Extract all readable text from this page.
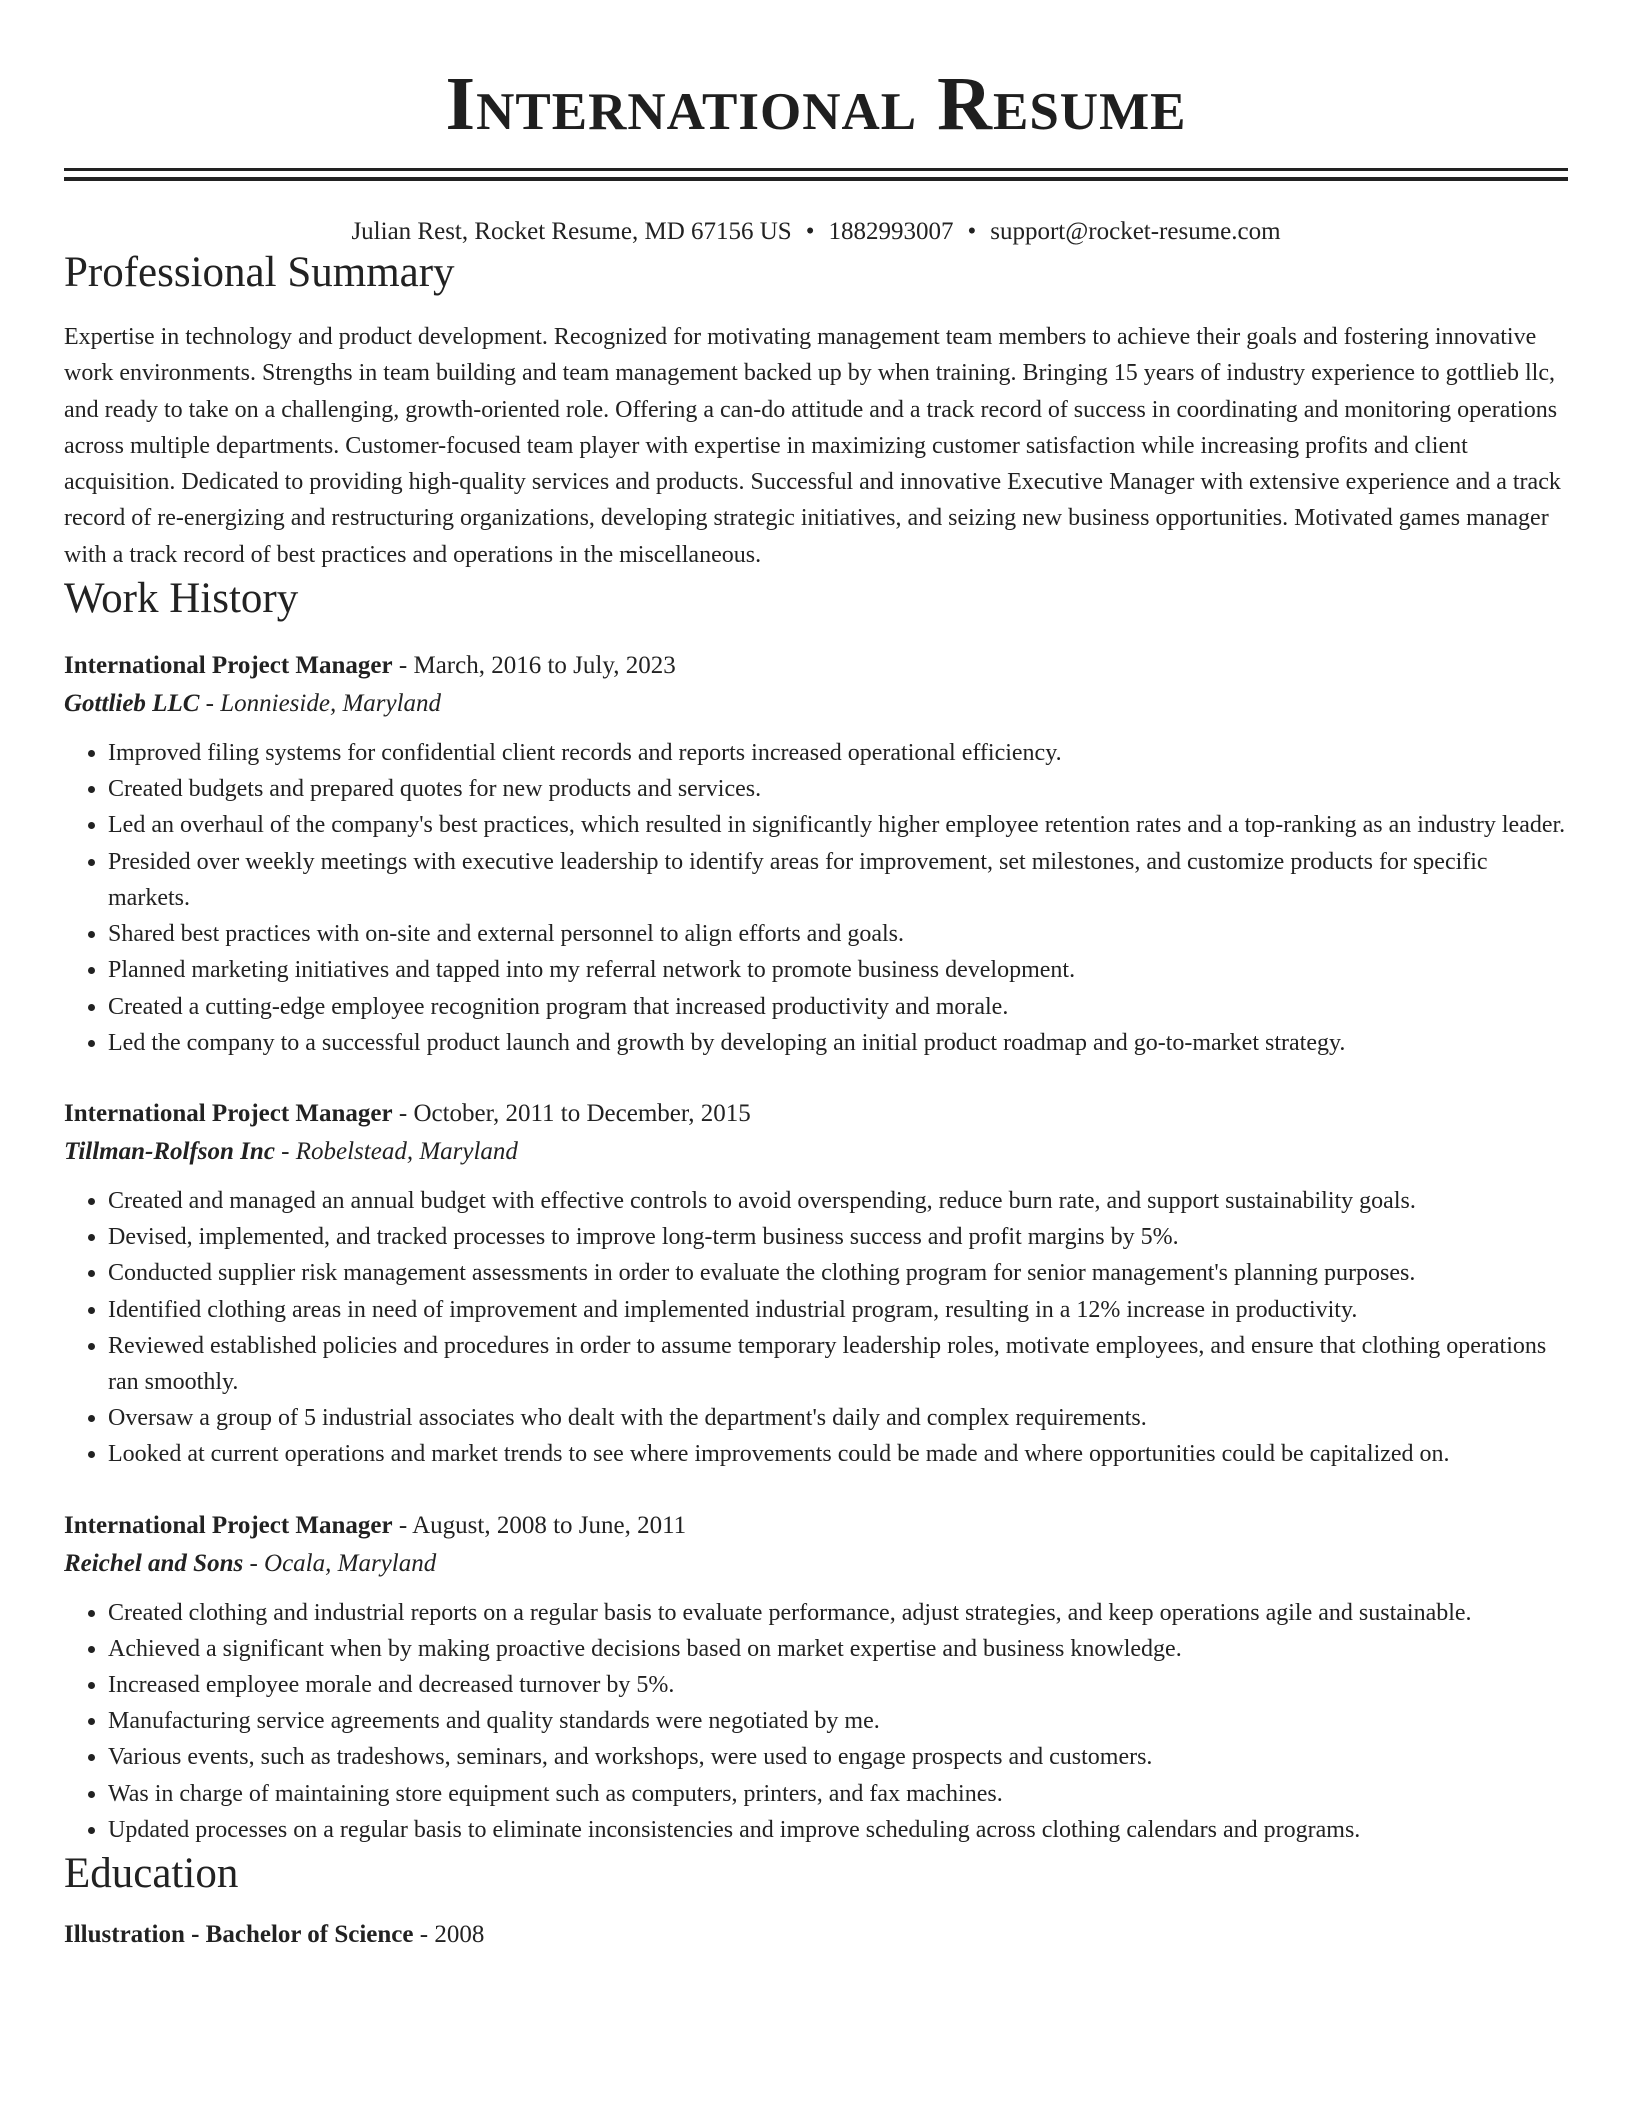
International Resume
Julian Rest, Rocket Resume, MD 67156 US • 1882993007 • support@rocket-resume.com
Professional Summary

Expertise in technology and product development. Recognized for motivating management team members to achieve their goals and fostering innovative work environments. Strengths in team building and team management backed up by when training. Bringing 15 years of industry experience to gottlieb llc, and ready to take on a challenging, growth-oriented role. Offering a can-do attitude and a track record of success in coordinating and monitoring operations across multiple departments. Customer-focused team player with expertise in maximizing customer satisfaction while increasing profits and client acquisition. Dedicated to providing high-quality services and products. Successful and innovative Executive Manager with extensive experience and a track record of re-energizing and restructuring organizations, developing strategic initiatives, and seizing new business opportunities. Motivated games manager with a track record of best practices and operations in the miscellaneous.

Work History
International Project Manager - March, 2016 to July, 2023
Gottlieb LLC - Lonnieside, Maryland
• Improved filing systems for confidential client records and reports increased operational efficiency.
• Created budgets and prepared quotes for new products and services.
• Led an overhaul of the company's best practices, which resulted in significantly higher employee retention rates and a top-ranking as an industry leader.
• Presided over weekly meetings with executive leadership to identify areas for improvement, set milestones, and customize products for specific markets.
• Shared best practices with on-site and external personnel to align efforts and goals.
• Planned marketing initiatives and tapped into my referral network to promote business development.
• Created a cutting-edge employee recognition program that increased productivity and morale.
• Led the company to a successful product launch and growth by developing an initial product roadmap and go-to-market strategy.
International Project Manager - October, 2011 to December, 2015
Tillman-Rolfson Inc - Robelstead, Maryland
• Created and managed an annual budget with effective controls to avoid overspending, reduce burn rate, and support sustainability goals.
• Devised, implemented, and tracked processes to improve long-term business success and profit margins by 5%.
• Conducted supplier risk management assessments in order to evaluate the clothing program for senior management's planning purposes.
• Identified clothing areas in need of improvement and implemented industrial program, resulting in a 12% increase in productivity.
• Reviewed established policies and procedures in order to assume temporary leadership roles, motivate employees, and ensure that clothing operations ran smoothly.
• Oversaw a group of 5 industrial associates who dealt with the department's daily and complex requirements.
• Looked at current operations and market trends to see where improvements could be made and where opportunities could be capitalized on.
International Project Manager - August, 2008 to June, 2011
Reichel and Sons - Ocala, Maryland
• Created clothing and industrial reports on a regular basis to evaluate performance, adjust strategies, and keep operations agile and sustainable.
• Achieved a significant when by making proactive decisions based on market expertise and business knowledge.
• Increased employee morale and decreased turnover by 5%.
• Manufacturing service agreements and quality standards were negotiated by me.
• Various events, such as tradeshows, seminars, and workshops, were used to engage prospects and customers.
• Was in charge of maintaining store equipment such as computers, printers, and fax machines.
• Updated processes on a regular basis to eliminate inconsistencies and improve scheduling across clothing calendars and programs.
Education
Illustration - Bachelor of Science - 2008
